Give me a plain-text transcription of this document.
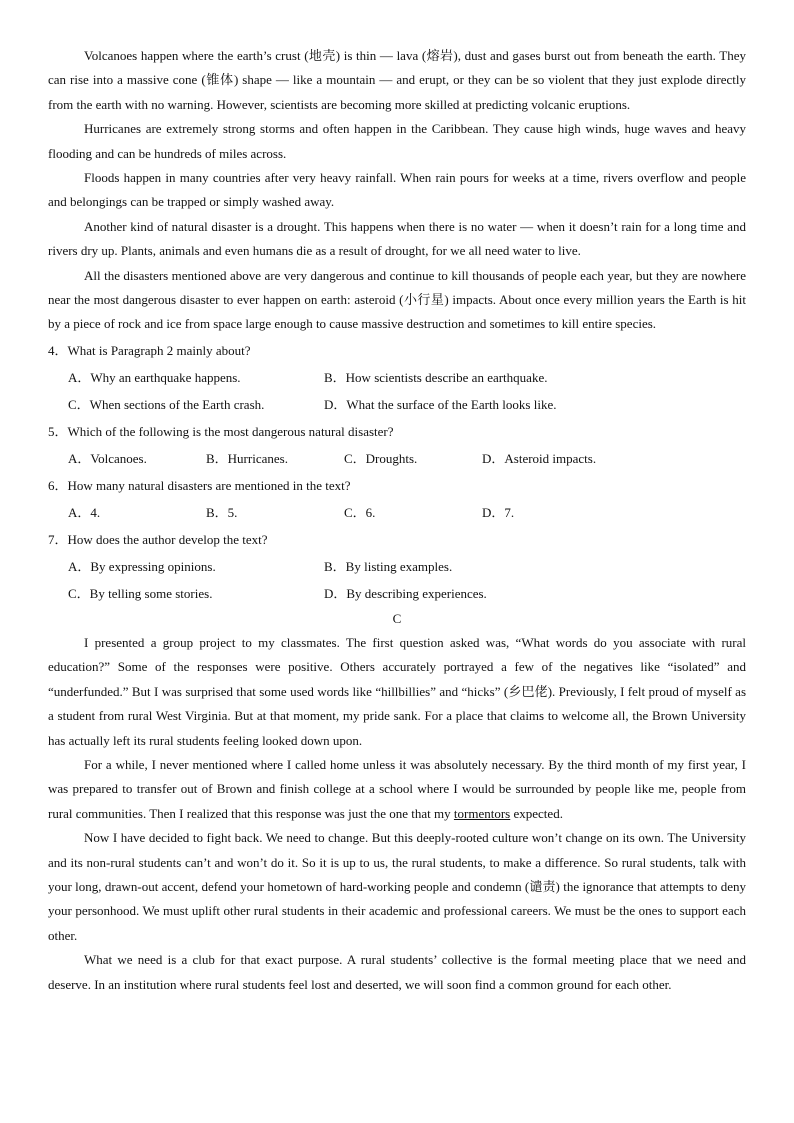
Volcanoes happen where the earth’s crust (地壳) is thin — lava (熔岩), dust and gases burst out from beneath the earth. They can rise into a massive cone (锥体) shape — like a mountain — and erupt, or they can be so violent that they just explode directly from the earth with no warning. However, scientists are becoming more skilled at predicting volcanic eruptions.

Hurricanes are extremely strong storms and often happen in the Caribbean. They cause high winds, huge waves and heavy flooding and can be hundreds of miles across.

Floods happen in many countries after very heavy rainfall. When rain pours for weeks at a time, rivers overflow and people and belongings can be trapped or simply washed away.

Another kind of natural disaster is a drought. This happens when there is no water — when it doesn’t rain for a long time and rivers dry up. Plants, animals and even humans die as a result of drought, for we all need water to live.

All the disasters mentioned above are very dangerous and continue to kill thousands of people each year, but they are nowhere near the most dangerous disaster to ever happen on earth: asteroid (小行星) impacts. About once every million years the Earth is hit by a piece of rock and ice from space large enough to cause massive destruction and sometimes to kill entire species.

4．What is Paragraph 2 mainly about?

A．Why an earthquake happens.	B．How scientists describe an earthquake.
C．When sections of the Earth crash.	D．What the surface of the Earth looks like.

5．Which of the following is the most dangerous natural disaster?

A．Volcanoes.	B．Hurricanes.	C．Droughts.	D．Asteroid impacts.

6．How many natural disasters are mentioned in the text?

A．4.	B．5.	C．6.	D．7.

7．How does the author develop the text?

A．By expressing opinions.	B．By listing examples.
C．By telling some stories.	D．By describing experiences.

C

I presented a group project to my classmates. The first question asked was, “What words do you associate with rural education?” Some of the responses were positive. Others accurately portrayed a few of the negatives like “isolated” and “underfunded.” But I was surprised that some used words like “hillbillies” and “hicks” (乡巴佬). Previously, I felt proud of myself as a student from rural West Virginia. But at that moment, my pride sank. For a place that claims to welcome all, the Brown University has actually left its rural students feeling looked down upon.

For a while, I never mentioned where I called home unless it was absolutely necessary. By the third month of my first year, I was prepared to transfer out of Brown and finish college at a school where I would be surrounded by people like me, people from rural communities. Then I realized that this response was just the one that my tormentors expected.

Now I have decided to fight back. We need to change. But this deeply-rooted culture won’t change on its own. The University and its non-rural students can’t and won’t do it. So it is up to us, the rural students, to make a difference. So rural students, talk with your long, drawn-out accent, defend your hometown of hard-working people and condemn (谴责) the ignorance that attempts to deny your personhood. We must uplift other rural students in their academic and professional careers. We must be the ones to support each other.

What we need is a club for that exact purpose. A rural students’ collective is the formal meeting place that we need and deserve. In an institution where rural students feel lost and deserted, we will soon find a common ground for each other.
